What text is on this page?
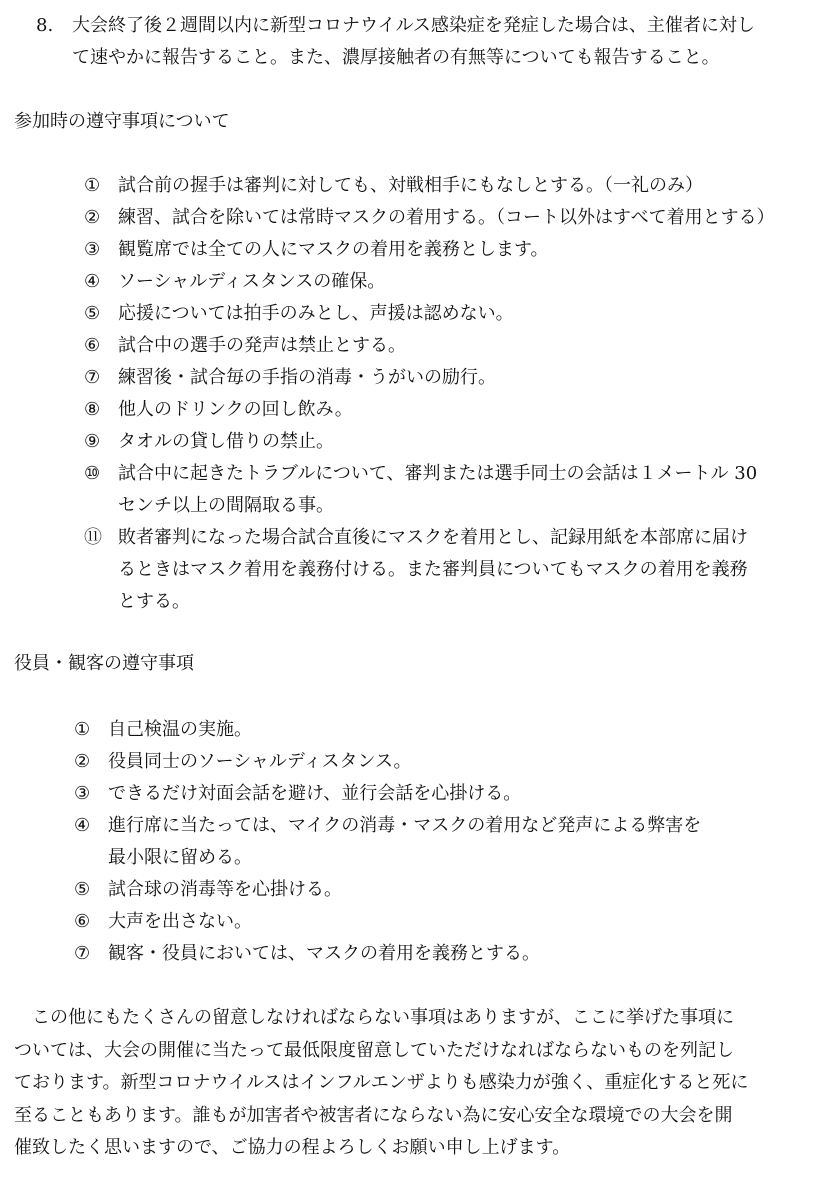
8. 大会終了後２週間以内に新型コロナウイルス感染症を発症した場合は、主催者に対し
て速やかに報告すること。また、濃厚接触者の有無等についても報告すること。
参加時の遵守事項について
① 試合前の握手は審判に対しても、対戦相手にもなしとする。（一礼のみ）
② 練習、試合を除いては常時マスクの着用する。（コート以外はすべて着用とする）
③ 観覧席では全ての人にマスクの着用を義務とします。
④ ソーシャルディスタンスの確保。
⑤ 応援については拍手のみとし、声援は認めない。
⑥ 試合中の選手の発声は禁止とする。
⑦ 練習後・試合毎の手指の消毒・うがいの励行。
⑧ 他人のドリンクの回し飲み。
⑨ タオルの貸し借りの禁止。
⑩ 試合中に起きたトラブルについて、審判または選手同士の会話は１メートル 30
センチ以上の間隔取る事。
⑪ 敗者審判になった場合試合直後にマスクを着用とし、記録用紙を本部席に届け
るときはマスク着用を義務付ける。また審判員についてもマスクの着用を義務
とする。
役員・観客の遵守事項
① 自己検温の実施。
② 役員同士のソーシャルディスタンス。
③ できるだけ対面会話を避け、並行会話を心掛ける。
④ 進行席に当たっては、マイクの消毒・マスクの着用など発声による弊害を
最小限に留める。
⑤ 試合球の消毒等を心掛ける。
⑥ 大声を出さない。
⑦ 観客・役員においては、マスクの着用を義務とする。
　この他にもたくさんの留意しなければならない事項はありますが、ここに挙げた事項に
ついては、大会の開催に当たって最低限度留意していただけなればならないものを列記し
ております。新型コロナウイルスはインフルエンザよりも感染力が強く、重症化すると死に
至ることもあります。誰もが加害者や被害者にならない為に安心安全な環境での大会を開
催致したく思いますので、ご協力の程よろしくお願い申し上げます。
